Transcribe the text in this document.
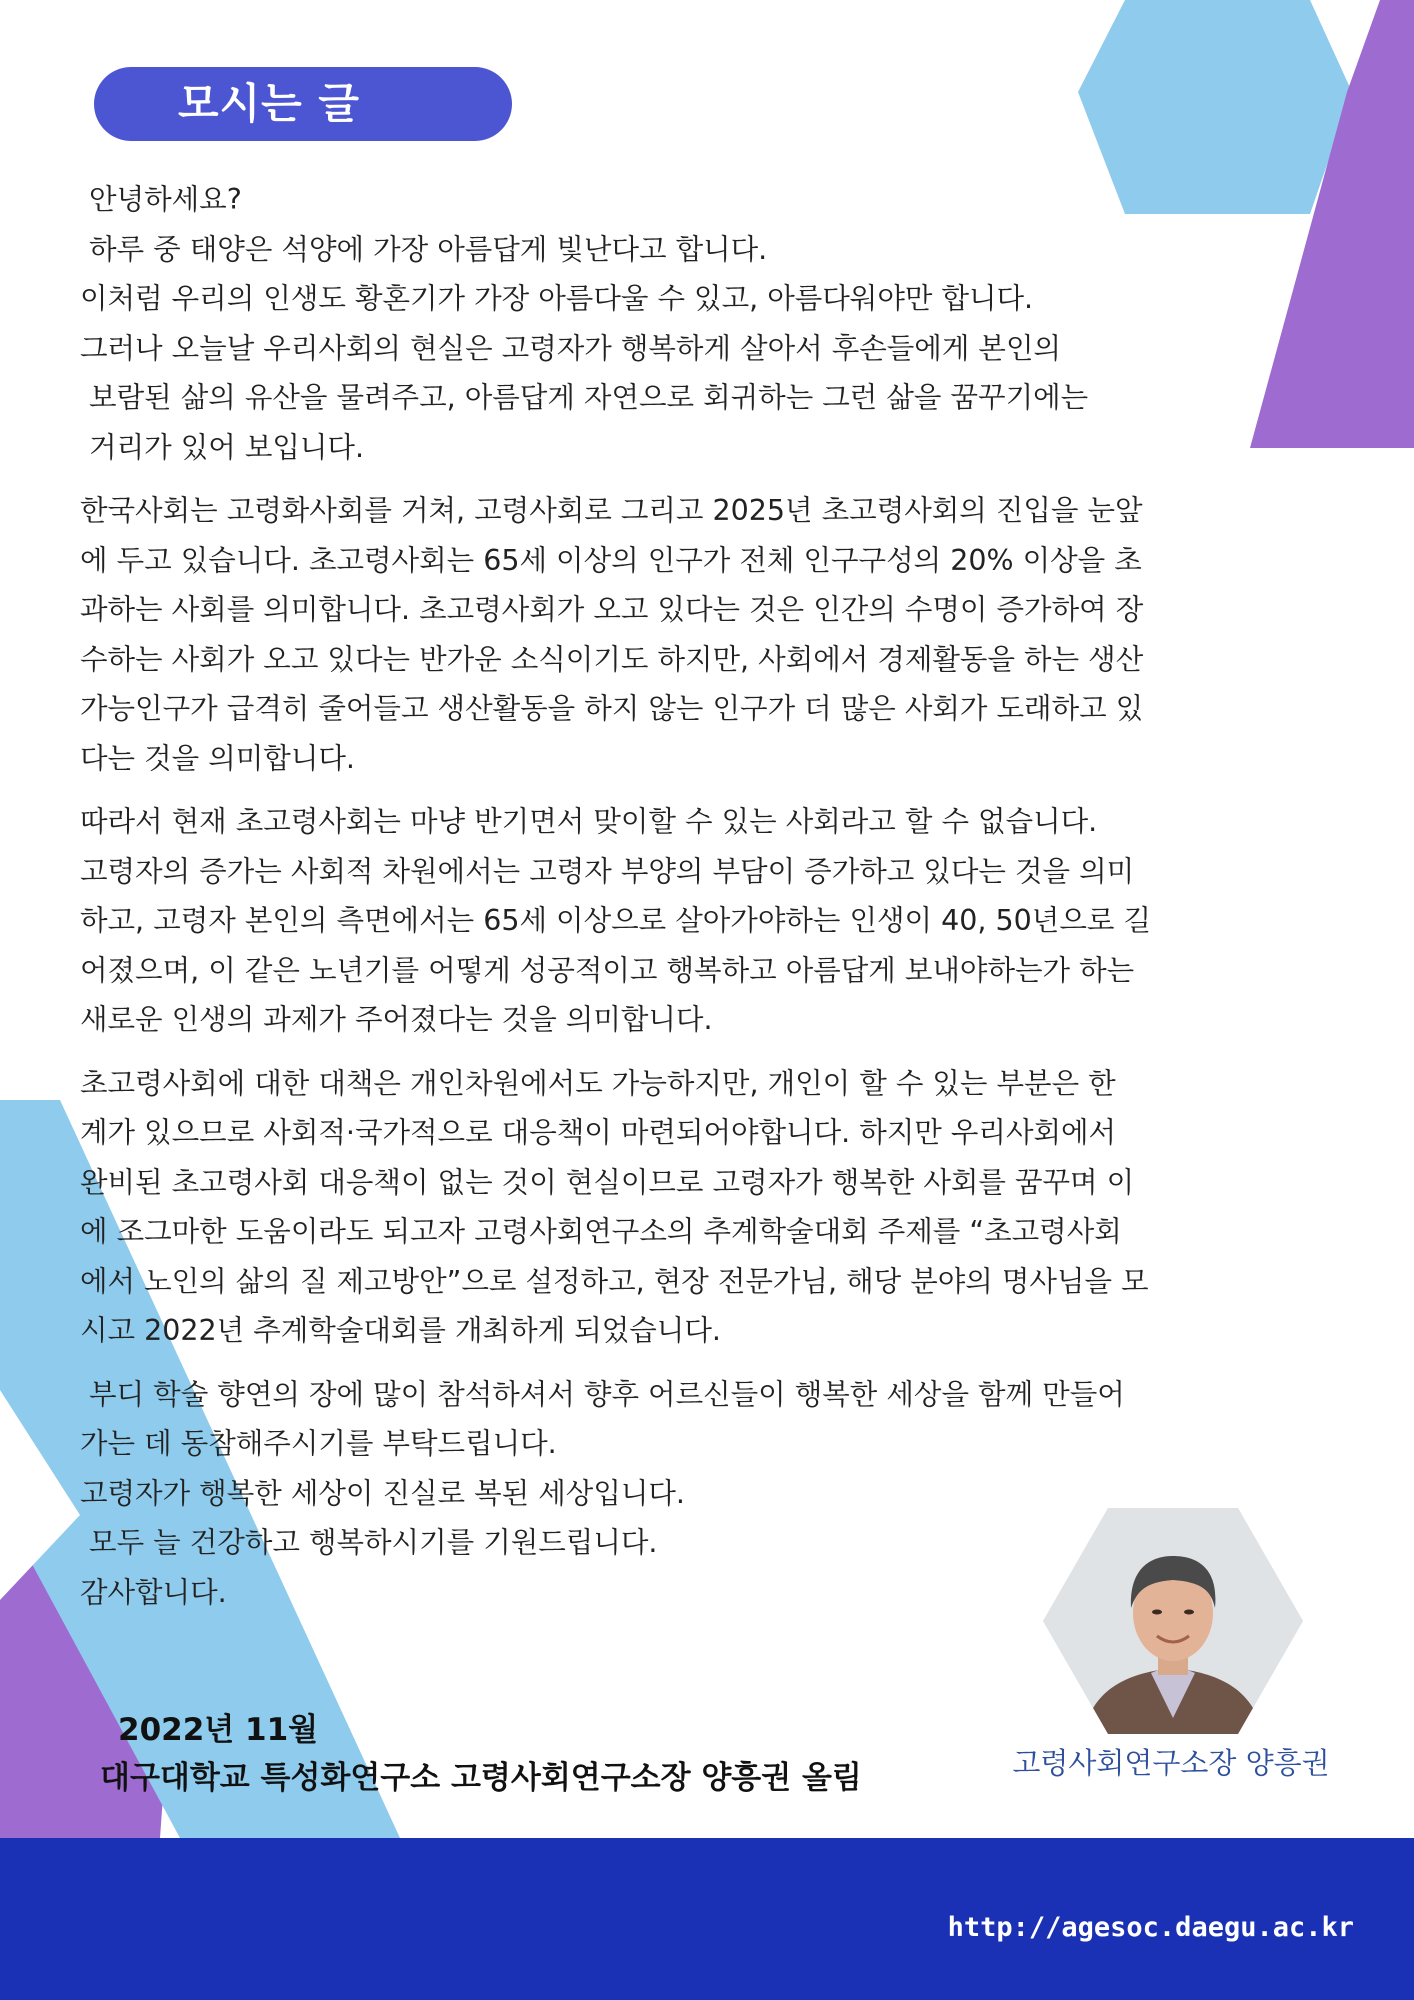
모시는 글
안녕하세요?
하루 중 태양은 석양에 가장 아름답게 빛난다고 합니다.
이처럼 우리의 인생도 황혼기가 가장 아름다울 수 있고, 아름다워야만 합니다.
그러나 오늘날 우리사회의 현실은 고령자가 행복하게 살아서 후손들에게 본인의
보람된 삶의 유산을 물려주고, 아름답게 자연으로 회귀하는 그런 삶을 꿈꾸기에는
거리가 있어 보입니다.
한국사회는 고령화사회를 거쳐, 고령사회로 그리고 2025년 초고령사회의 진입을 눈앞
에 두고 있습니다. 초고령사회는 65세 이상의 인구가 전체 인구구성의 20% 이상을 초
과하는 사회를 의미합니다. 초고령사회가 오고 있다는 것은 인간의 수명이 증가하여 장
수하는 사회가 오고 있다는 반가운 소식이기도 하지만, 사회에서 경제활동을 하는 생산
가능인구가 급격히 줄어들고 생산활동을 하지 않는 인구가 더 많은 사회가 도래하고 있
다는 것을 의미합니다.
따라서 현재 초고령사회는 마냥 반기면서 맞이할 수 있는 사회라고 할 수 없습니다.
고령자의 증가는 사회적 차원에서는 고령자 부양의 부담이 증가하고 있다는 것을 의미
하고, 고령자 본인의 측면에서는 65세 이상으로 살아가야하는 인생이 40, 50년으로 길
어졌으며, 이 같은 노년기를 어떻게 성공적이고 행복하고 아름답게 보내야하는가 하는
새로운 인생의 과제가 주어졌다는 것을 의미합니다.
초고령사회에 대한 대책은 개인차원에서도 가능하지만, 개인이 할 수 있는 부분은 한
계가 있으므로 사회적·국가적으로 대응책이 마련되어야합니다. 하지만 우리사회에서
완비된 초고령사회 대응책이 없는 것이 현실이므로 고령자가 행복한 사회를 꿈꾸며 이
에 조그마한 도움이라도 되고자 고령사회연구소의 추계학술대회 주제를 “초고령사회
에서 노인의 삶의 질 제고방안”으로 설정하고, 현장 전문가님, 해당 분야의 명사님을 모
시고 2022년 추계학술대회를 개최하게 되었습니다.
부디 학술 향연의 장에 많이 참석하셔서 향후 어르신들이 행복한 세상을 함께 만들어
가는 데 동참해주시기를 부탁드립니다.
고령자가 행복한 세상이 진실로 복된 세상입니다.
모두 늘 건강하고 행복하시기를 기원드립니다.
감사합니다.
고령사회연구소장 양흥권
2022년 11월
대구대학교 특성화연구소 고령사회연구소장 양흥권 올림
http://agesoc.daegu.ac.kr
